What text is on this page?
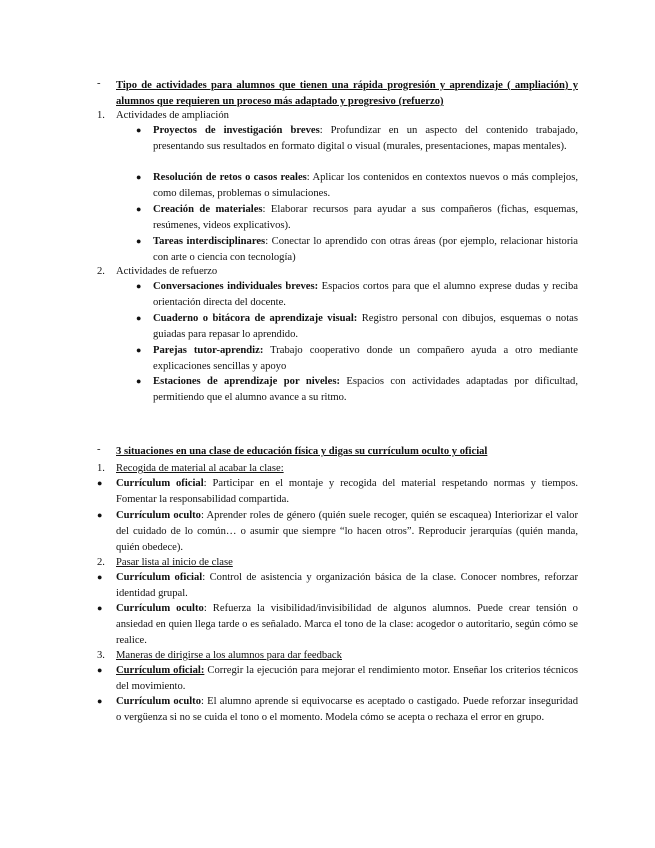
- Tipo de actividades para alumnos que tienen una rápida progresión y aprendizaje ( ampliación) y alumnos que requieren un proceso más adaptado y progresivo (refuerzo)
1. Actividades de ampliación
● Proyectos de investigación breves: Profundizar en un aspecto del contenido trabajado, presentando sus resultados en formato digital o visual (murales, presentaciones, mapas mentales).
● Resolución de retos o casos reales: Aplicar los contenidos en contextos nuevos o más complejos, como dilemas, problemas o simulaciones.
● Creación de materiales: Elaborar recursos para ayudar a sus compañeros (fichas, esquemas, resúmenes, videos explicativos).
● Tareas interdisciplinares: Conectar lo aprendido con otras áreas (por ejemplo, relacionar historia con arte o ciencia con tecnología)
2. Actividades de refuerzo
● Conversaciones individuales breves: Espacios cortos para que el alumno exprese dudas y reciba orientación directa del docente.
● Cuaderno o bitácora de aprendizaje visual: Registro personal con dibujos, esquemas o notas guiadas para repasar lo aprendido.
● Parejas tutor-aprendiz: Trabajo cooperativo donde un compañero ayuda a otro mediante explicaciones sencillas y apoyo
● Estaciones de aprendizaje por niveles: Espacios con actividades adaptadas por dificultad, permitiendo que el alumno avance a su ritmo.
- 3 situaciones en una clase de educación física y digas su currículum oculto y oficial
1. Recogida de material al acabar la clase:
● Currículum oficial: Participar en el montaje y recogida del material respetando normas y tiempos. Fomentar la responsabilidad compartida.
● Currículum oculto: Aprender roles de género (quién suele recoger, quién se escaquea) Interiorizar el valor del cuidado de lo común… o asumir que siempre “lo hacen otros”. Reproducir jerarquías (quién manda, quién obedece).
2. Pasar lista al inicio de clase
● Currículum oficial: Control de asistencia y organización básica de la clase. Conocer nombres, reforzar identidad grupal.
● Currículum oculto: Refuerza la visibilidad/invisibilidad de algunos alumnos. Puede crear tensión o ansiedad en quien llega tarde o es señalado. Marca el tono de la clase: acogedor o autoritario, según cómo se realice.
3. Maneras de dirigirse a los alumnos para dar feedback
● Currículum oficial: Corregir la ejecución para mejorar el rendimiento motor. Enseñar los criterios técnicos del movimiento.
● Currículum oculto: El alumno aprende si equivocarse es aceptado o castigado. Puede reforzar inseguridad o vergüenza si no se cuida el tono o el momento. Modela cómo se acepta o rechaza el error en grupo.
